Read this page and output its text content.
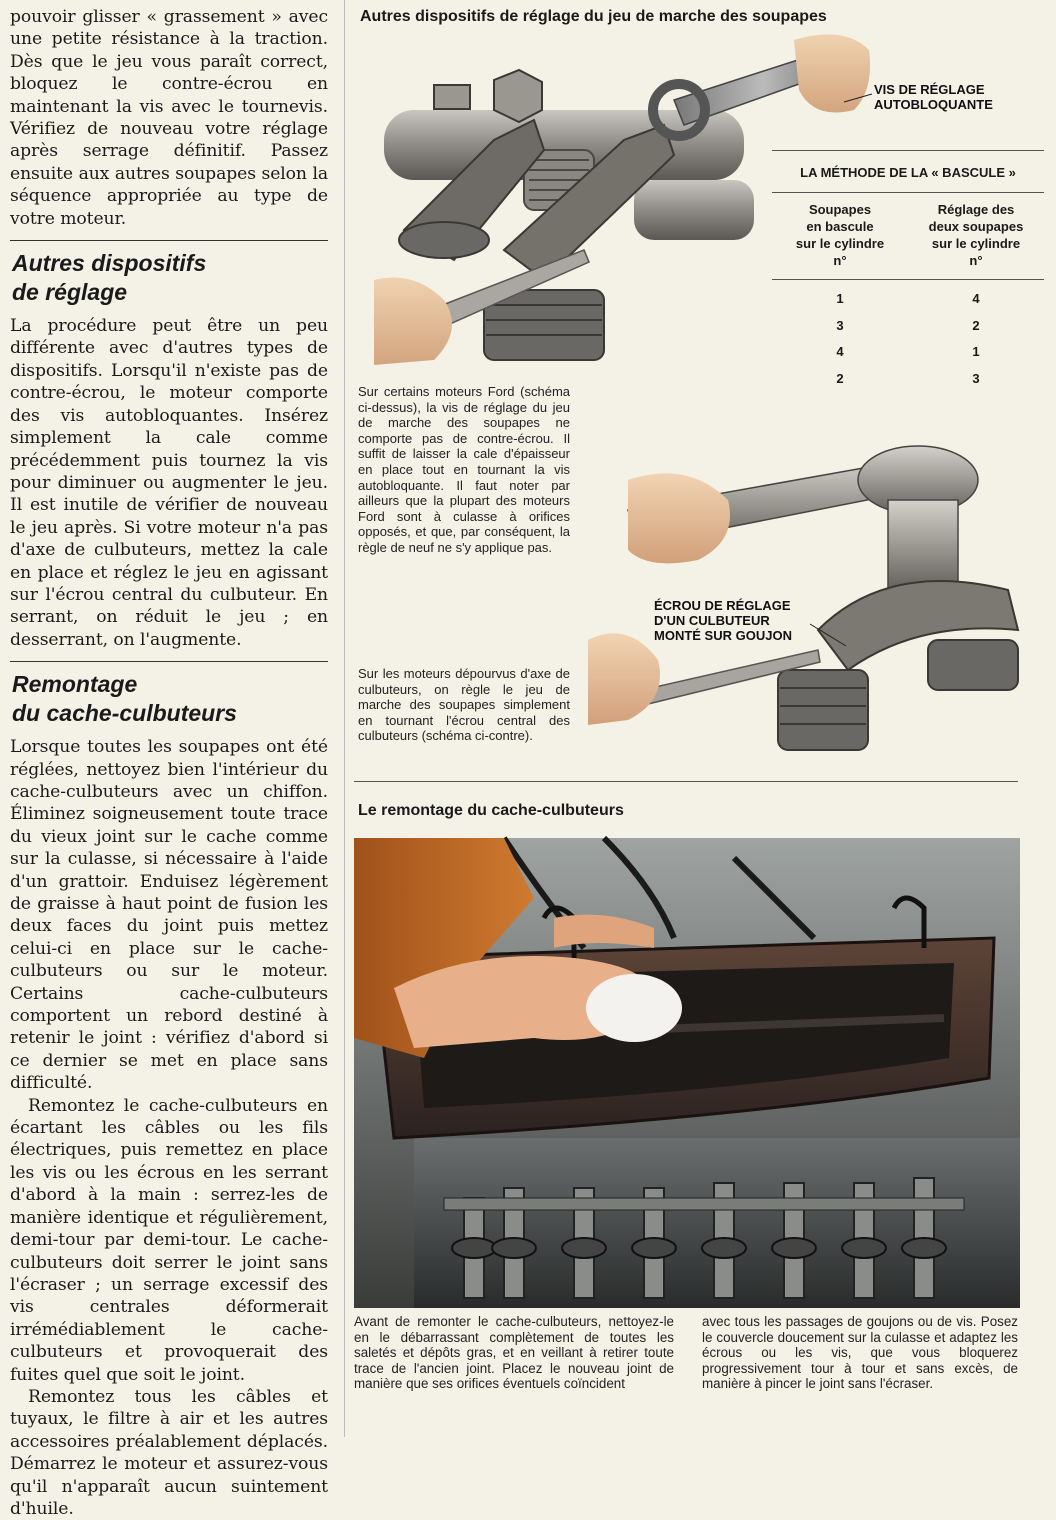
pouvoir glisser « grassement » avec une petite résistance à la traction. Dès que le jeu vous paraît correct, bloquez le contre-écrou en maintenant la vis avec le tournevis. Vérifiez de nouveau votre réglage après serrage définitif. Passez ensuite aux autres soupapes selon la séquence appropriée au type de votre moteur.

Autres dispositifs
de réglage

La procédure peut être un peu différente avec d'autres types de dispositifs. Lorsqu'il n'existe pas de contre-écrou, le moteur comporte des vis autobloquantes. Insérez simplement la cale comme précédemment puis tournez la vis pour diminuer ou augmenter le jeu. Il est inutile de vérifier de nouveau le jeu après. Si votre moteur n'a pas d'axe de culbuteurs, mettez la cale en place et réglez le jeu en agissant sur l'écrou central du culbuteur. En serrant, on réduit le jeu ; en desserrant, on l'augmente.

Remontage
du cache-culbuteurs

Lorsque toutes les soupapes ont été réglées, nettoyez bien l'intérieur du cache-culbuteurs avec un chiffon. Éliminez soigneusement toute trace du vieux joint sur le cache comme sur la culasse, si nécessaire à l'aide d'un grattoir. Enduisez légèrement de graisse à haut point de fusion les deux faces du joint puis mettez celui-ci en place sur le cache-culbuteurs ou sur le moteur. Certains cache-culbuteurs comportent un rebord destiné à retenir le joint : vérifiez d'abord si ce dernier se met en place sans difficulté.

Remontez le cache-culbuteurs en écartant les câbles ou les fils électriques, puis remettez en place les vis ou les écrous en les serrant d'abord à la main : serrez-les de manière identique et régulièrement, demi-tour par demi-tour. Le cache-culbuteurs doit serrer le joint sans l'écraser ; un serrage excessif des vis centrales déformerait irrémédiablement le cache-culbuteurs et provoquerait des fuites quel que soit le joint.

Remontez tous les câbles et tuyaux, le filtre à air et les autres accessoires préalablement déplacés. Démarrez le moteur et assurez-vous qu'il n'apparaît aucun suintement d'huile.

Autres dispositifs de réglage du jeu de marche des soupapes
VIS DE RÉGLAGE
AUTOBLOQUANTE
LA MÉTHODE DE LA « BASCULE »
Soupapes
en bascule
sur le cylindre
n°
Réglage des
deux soupapes
sur le cylindre
n°
1	4
3	2
4	1
2	3
Sur certains moteurs Ford (schéma ci-dessus), la vis de réglage du jeu de marche des soupapes ne comporte pas de contre-écrou. Il suffit de laisser la cale d'épaisseur en place tout en tournant la vis autobloquante. Il faut noter par ailleurs que la plupart des moteurs Ford sont à culasse à orifices opposés, et que, par conséquent, la règle de neuf ne s'y applique pas.
ÉCROU DE RÉGLAGE
D'UN CULBUTEUR
MONTÉ SUR GOUJON
Sur les moteurs dépourvus d'axe de culbuteurs, on règle le jeu de marche des soupapes simplement en tournant l'écrou central des culbuteurs (schéma ci-contre).
Le remontage du cache-culbuteurs
Avant de remonter le cache-culbuteurs, nettoyez-le en le débarrassant complètement de toutes les saletés et dépôts gras, et en veillant à retirer toute trace de l'ancien joint. Placez le nouveau joint de manière que ses orifices éventuels coïncident
avec tous les passages de goujons ou de vis. Posez le couvercle doucement sur la culasse et adaptez les écrous ou les vis, que vous bloquerez progressivement tour à tour et sans excès, de manière à pincer le joint sans l'écraser.
